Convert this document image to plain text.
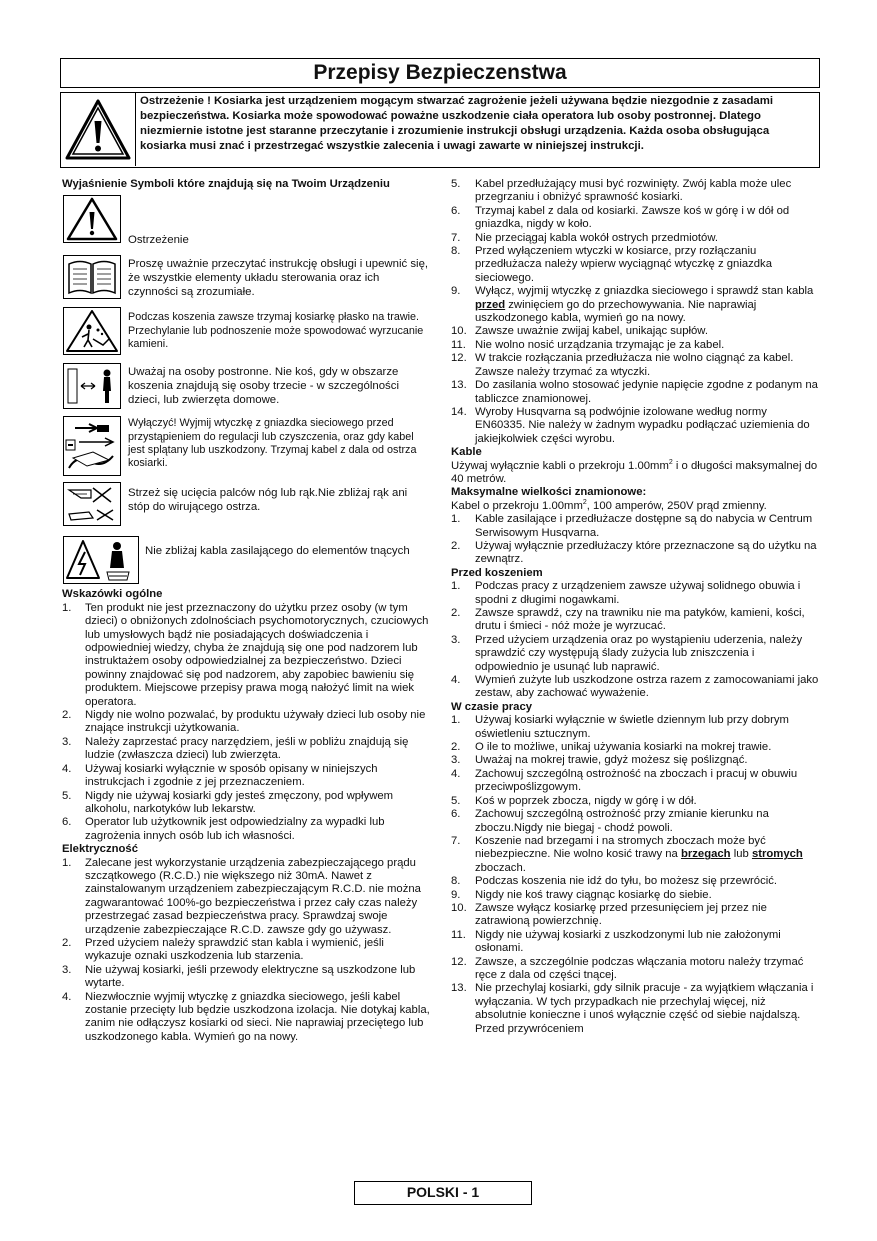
Przepisy Bezpieczenstwa
Ostrzeżenie ! Kosiarka jest urządzeniem mogącym stwarzać zagrożenie jeżeli używana będzie niezgodnie z zasadami bezpieczeństwa. Kosiarka może spowodować poważne uszkodzenie ciała operatora lub osoby postronnej. Dlatego niezmiernie istotne jest staranne przeczytanie i zrozumienie instrukcji obsługi urządzenia. Każda osoba obsługująca kosiarka musi znać i przestrzegać wszystkie zalecenia i uwagi zawarte w niniejszej instrukcji.
Wyjaśnienie Symboli które znajdują się na Twoim Urządzeniu
Ostrzeżenie
Proszę uważnie przeczytać instrukcję obsługi i upewnić się, że wszystkie elementy układu sterowania oraz ich czynności są zrozumiałe.
Podczas koszenia zawsze trzymaj kosiarkę płasko na trawie. Przechylanie lub podnoszenie może spowodować wyrzucanie kamieni.
Uważaj na osoby postronne. Nie koś, gdy w obszarze koszenia znajdują się osoby trzecie - w szczególności dzieci, lub zwierzęta domowe.
Wyłączyć! Wyjmij wtyczkę z gniazdka sieciowego przed przystąpieniem do regulacji lub czyszczenia, oraz gdy kabel jest splątany lub uszkodzony. Trzymaj kabel z dala od ostrza kosiarki.
Strzeż się ucięcia palców nóg lub rąk.Nie zbliżaj rąk ani stóp do wirującego ostrza.
Nie zbliżaj kabla zasilającego do elementów tnących
Wskazówki ogólne
1. Ten produkt nie jest przeznaczony do użytku przez osoby (w tym dzieci) o obniżonych zdolnościach psychomotorycznych, czuciowych lub umysłowych bądź nie posiadających doświadczenia i odpowiedniej wiedzy, chyba że znajdują się one pod nadzorem lub instruktażem osoby odpowiedzialnej za bezpieczeństwo. Dzieci powinny znajdować się pod nadzorem, aby zapobiec bawieniu się produktem. Miejscowe przepisy prawa mogą nałożyć limit na wiek operatora.
2. Nigdy nie wolno pozwalać, by produktu używały dzieci lub osoby nie znające instrukcji użytkowania.
3. Należy zaprzestać pracy narzędziem, jeśli w pobliżu znajdują się ludzie (zwłaszcza dzieci) lub zwierzęta.
4. Używaj kosiarki wyłącznie w sposób opisany w niniejszych instrukcjach i zgodnie z jej przeznaczeniem.
5. Nigdy nie używaj kosiarki gdy jesteś zmęczony, pod wpływem alkoholu, narkotyków lub lekarstw.
6. Operator lub użytkownik jest odpowiedzialny za wypadki lub zagrożenia innych osób lub ich własności.
Elektryczność
1. Zalecane jest wykorzystanie urządzenia zabezpieczającego prądu szczątkowego (R.C.D.) nie większego niż 30mA. Nawet z zainstalowanym urządzeniem zabezpieczającym R.C.D. nie można zagwarantować 100%-go bezpieczeństwa i przez cały czas należy przestrzegać zasad bezpieczeństwa pracy. Sprawdzaj swoje urządzenie zabezpieczające R.C.D. zawsze gdy go używasz.
2. Przed użyciem należy sprawdzić stan kabla i wymienić, jeśli wykazuje oznaki uszkodzenia lub starzenia.
3. Nie używaj kosiarki, jeśli przewody elektryczne są uszkodzone lub wytarte.
4. Niezwłocznie wyjmij wtyczkę z gniazdka sieciowego, jeśli kabel zostanie przecięty lub będzie uszkodzona izolacja. Nie dotykaj kabla, zanim nie odłączysz kosiarki od sieci. Nie naprawiaj przeciętego lub uszkodzonego kabla. Wymień go na nowy.
5. Kabel przedłużający musi być rozwinięty. Zwój kabla może ulec przegrzaniu i obniżyć sprawność kosiarki.
6. Trzymaj kabel z dala od kosiarki. Zawsze koś w górę i w dół od gniazdka, nigdy w koło.
7. Nie przeciągaj kabla wokół ostrych przedmiotów.
8. Przed wyłączeniem wtyczki w kosiarce, przy rozłączaniu przedłużacza należy wpierw wyciągnąć wtyczkę z gniazdka sieciowego.
9. Wyłącz, wyjmij wtyczkę z gniazdka sieciowego i sprawdź stan kabla przed zwinięciem go do przechowywania. Nie naprawiaj uszkodzonego kabla, wymień go na nowy.
10. Zawsze uważnie zwijaj kabel, unikając supłów.
11. Nie wolno nosić urządzania trzymając je za kabel.
12. W trakcie rozłączania przedłużacza nie wolno ciągnąć za kabel. Zawsze należy trzymać za wtyczki.
13. Do zasilania wolno stosować jedynie napięcie zgodne z podanym na tabliczce znamionowej.
14. Wyroby Husqvarna są podwójnie izolowane według normy EN60335. Nie należy w żadnym wypadku podłączać uziemienia do jakiejkolwiek części wyrobu.
Kable
Używaj wyłącznie kabli o przekroju $1.00mm^2$ i o długości maksymalnej do 40 metrów.
Maksymalne wielkości znamionowe:
Kabel o przekroju $1.00mm^2$, 100 amperów, 250V prąd zmienny.
1. Kable zasilające i przedłużacze dostępne są do nabycia w Centrum Serwisowym Husqvarna.
2. Używaj wyłącznie przedłużaczy które przeznaczone są do użytku na zewnątrz.
Przed koszeniem
1. Podczas pracy z urządzeniem zawsze używaj solidnego obuwia i spodni z długimi nogawkami.
2. Zawsze sprawdź, czy na trawniku nie ma patyków, kamieni, kości, drutu i śmieci - nóż może je wyrzucać.
3. Przed użyciem urządzenia oraz po wystąpieniu uderzenia, należy sprawdzić czy występują ślady zużycia lub zniszczenia i odpowiednio je usunąć lub naprawić.
4. Wymień zużyte lub uszkodzone ostrza razem z zamocowaniami jako zestaw, aby zachować wyważenie.
W czasie pracy
1. Używaj kosiarki wyłącznie w świetle dziennym lub przy dobrym oświetleniu sztucznym.
2. O ile to możliwe, unikaj używania kosiarki na mokrej trawie.
3. Uważaj na mokrej trawie, gdyż możesz się poślizgnąć.
4. Zachowuj szczególną ostrożność na zboczach i pracuj w obuwiu przeciwpoślizgowym.
5. Koś w poprzek zbocza, nigdy w górę i w dół.
6. Zachowuj szczególną ostrożność przy zmianie kierunku na zboczu.Nigdy nie biegaj - chodź powoli.
7. Koszenie nad brzegami i na stromych zboczach może być niebezpieczne. Nie wolno kosić trawy na brzegach lub stromych zboczach.
8. Podczas koszenia nie idź do tyłu, bo możesz się przewrócić.
9. Nigdy nie koś trawy ciągnąc kosiarkę do siebie.
10. Zawsze wyłącz kosiarkę przed przesunięciem jej przez nie zatrawioną powierzchnię.
11. Nigdy nie używaj kosiarki z uszkodzonymi lub nie założonymi osłonami.
12. Zawsze, a szczególnie podczas włączania motoru należy trzymać ręce z dala od części tnącej.
13. Nie przechylaj kosiarki, gdy silnik pracuje - za wyjątkiem włączania i wyłączania. W tych przypadkach nie przechylaj więcej, niż absolutnie konieczne i unoś wyłącznie część od siebie najdalszą. Przed przywróceniem
POLSKI - 1
